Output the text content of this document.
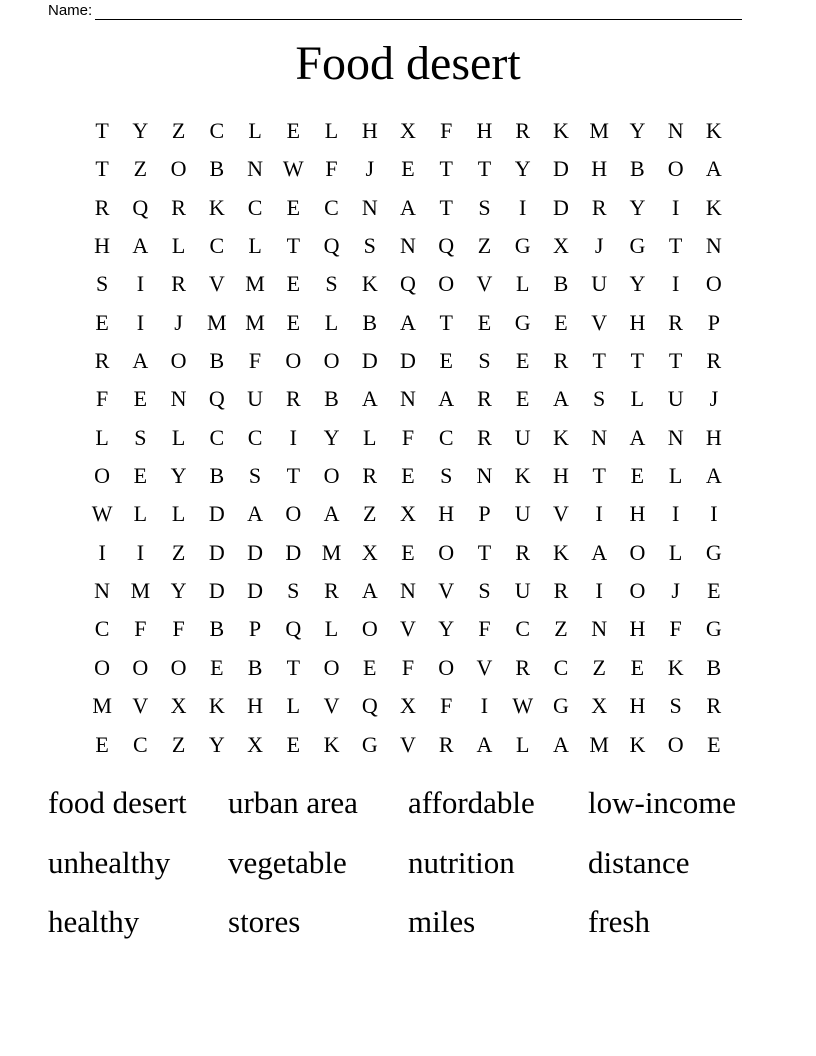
Name:
Food desert
T	Y	Z	C	L	E	L	H	X	F	H	R	K M Y	N	K
T	Z	O	B	N W F	J	E	T	T	Y	D	H	B	O	A
R	Q	R	K	C	E	C	N	A	T	S	I	D	R	Y	I	K
H	A	L	C	L	T	Q	S	N	Q	Z	G	X	J	G	T	N
S	I	R	V M E	S	K	Q	O	V	L	B	U	Y	I	O
E	I	J	M M E	L	B	A	T	E	G	E	V	H	R	P
R	A	O	B	F	O	O	D	D	E	S	E	R	T	T	T	R
F	E	N	Q	U	R	B	A	N	A	R	E	A	S	L	U	J
L	S	L	C	C	I	Y	L	F	C	R	U	K	N	A	N	H
O	E	Y	B	S	T	O	R	E	S	N	K	H	T	E	L	A
W L	L	D	A	O	A	Z	X	H	P	U	V	I	H	I	I
I	I	Z	D	D	D M X	E	O	T	R	K	A	O	L	G
N M Y	D	D	S	R	A	N	V	S	U	R	I	O	J	E
C	F	F	B	P	Q	L	O	V	Y	F	C	Z	N	H	F	G
O	O	O	E	B	T	O	E	F	O	V	R	C	Z	E	K	B
M V	X	K	H	L	V	Q	X	F	I	W G	X	H	S	R
E	C	Z	Y	X	E	K	G	V	R	A	L	A M K	O	E
food desert	urban area	affordable	low-income
unhealthy	vegetable	nutrition	distance
healthy	stores	miles	fresh
